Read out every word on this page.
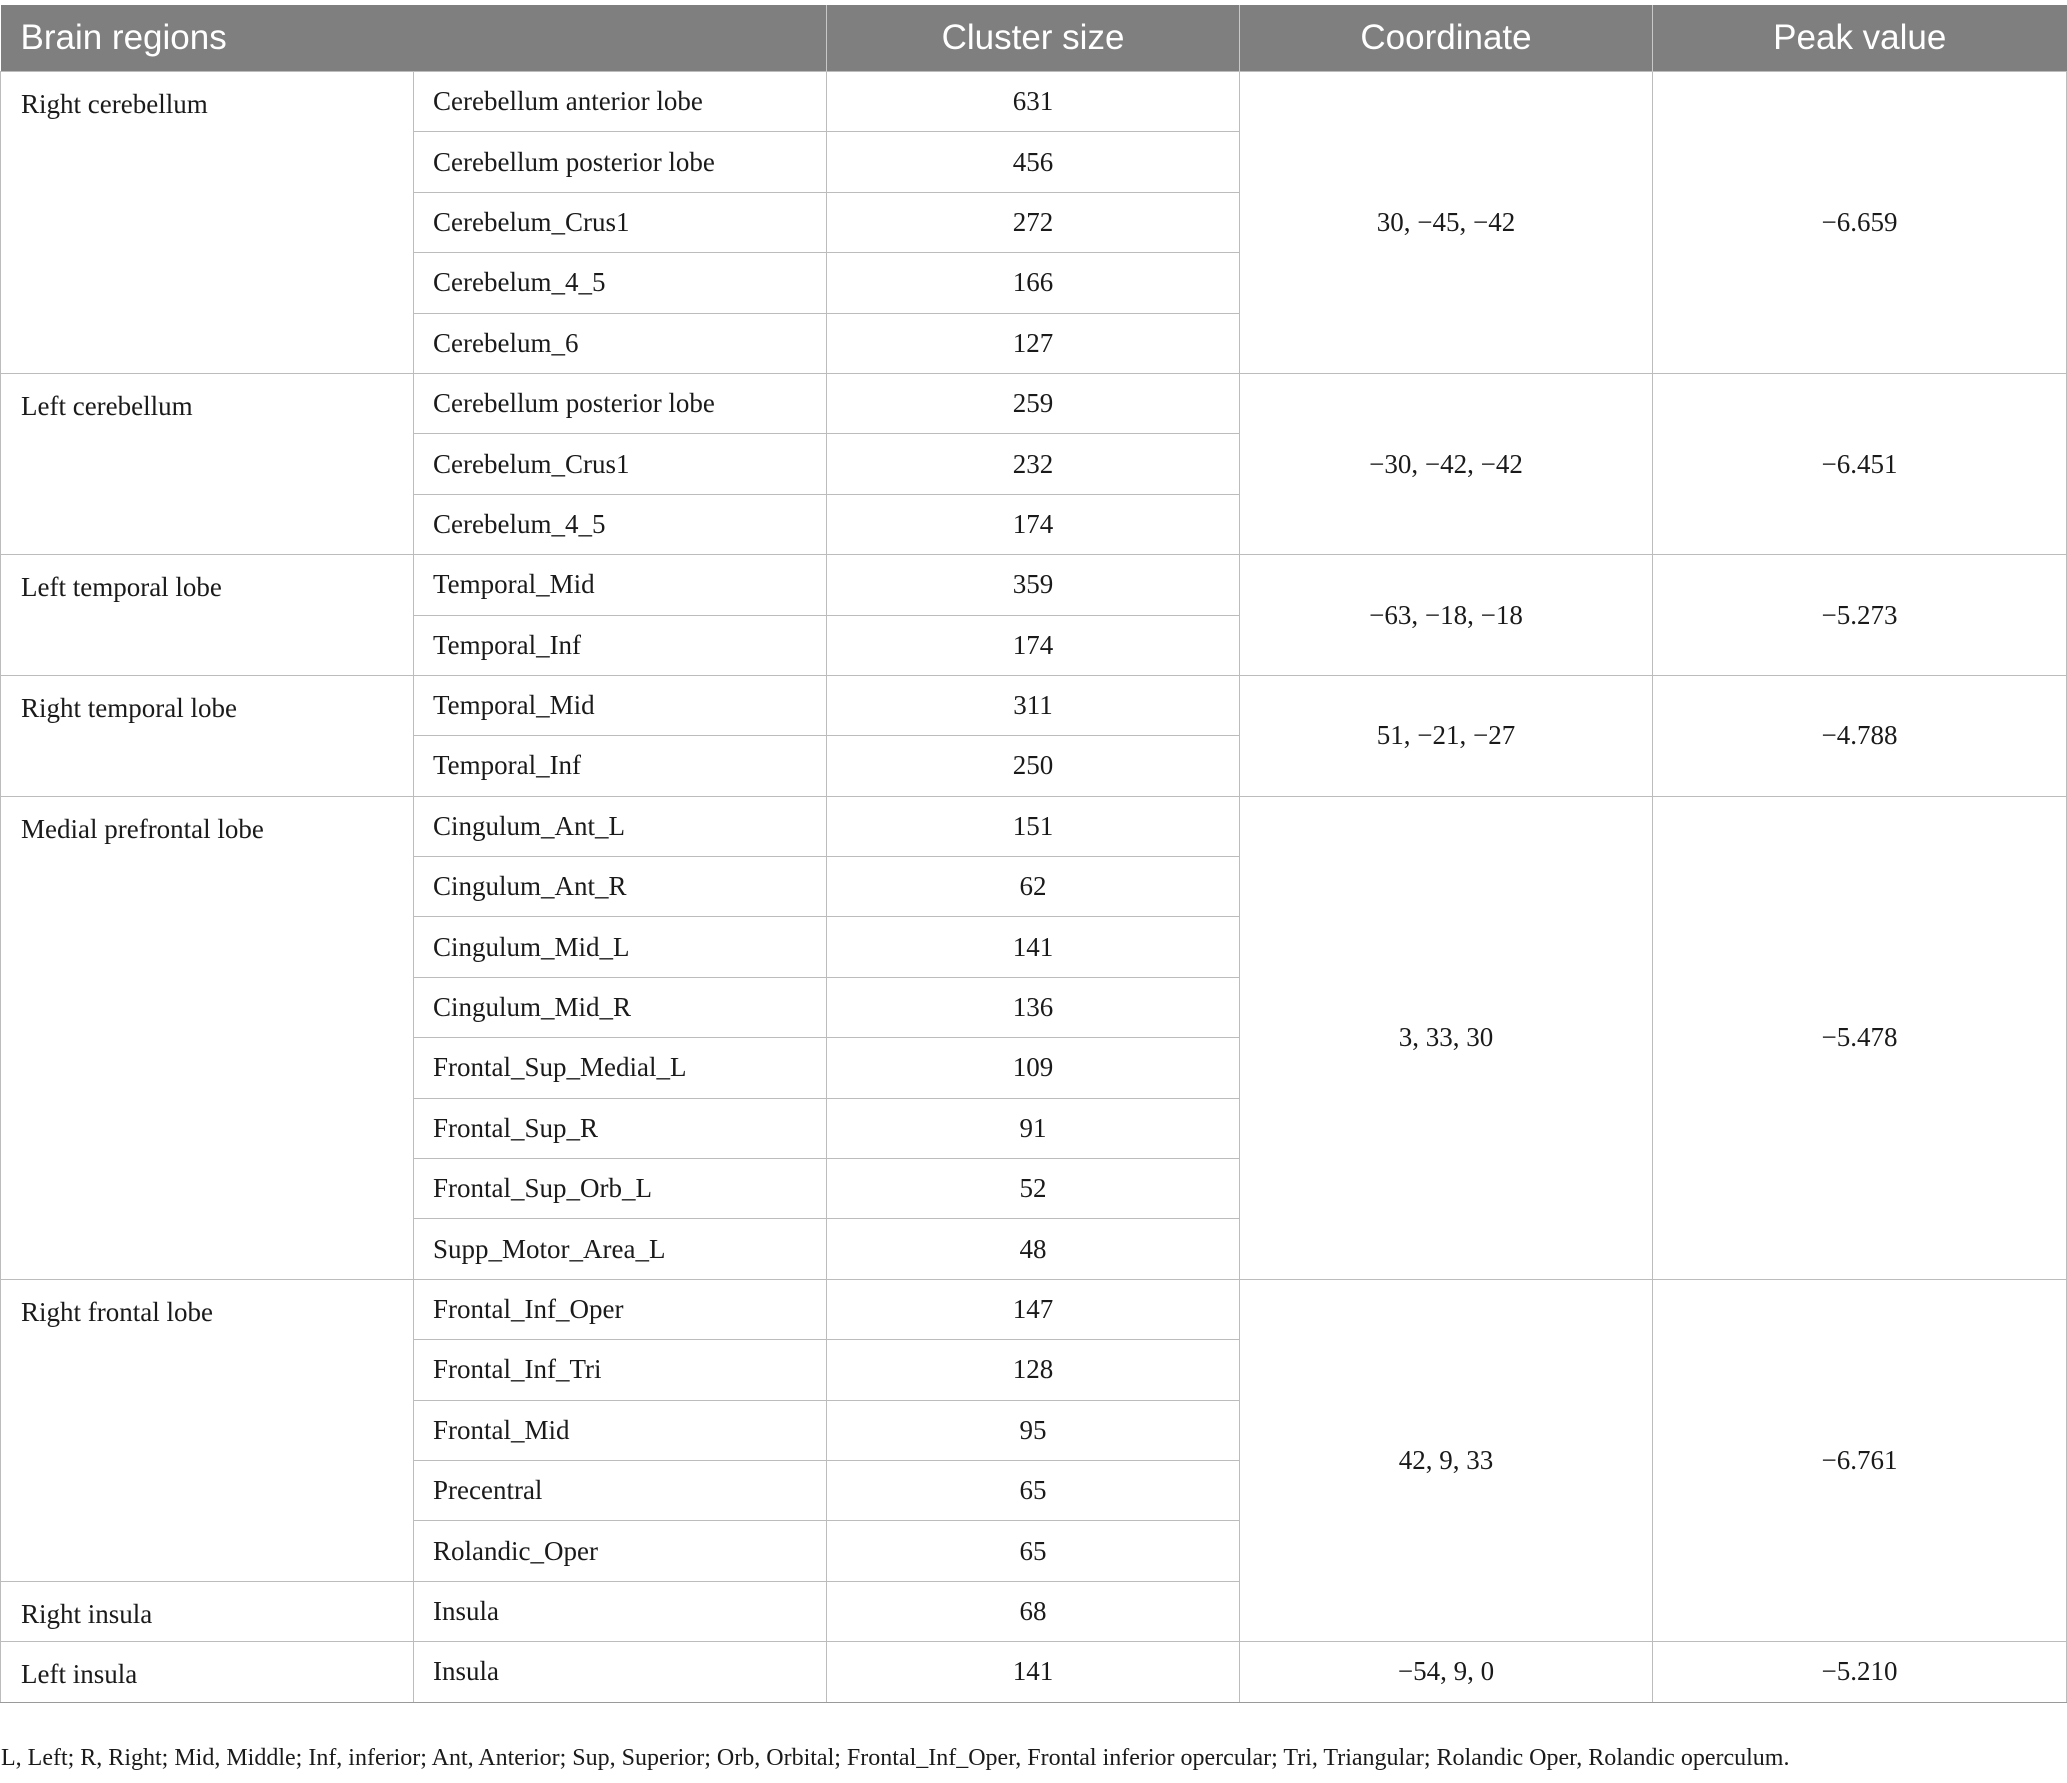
Brain regions		Cluster size	Coordinate	Peak value
Right cerebellum	Cerebellum anterior lobe	631	30, −45, −42	−6.659
	Cerebellum posterior lobe	456		
	Cerebelum_Crus1	272		
	Cerebelum_4_5	166		
	Cerebelum_6	127		
Left cerebellum	Cerebellum posterior lobe	259	−30, −42, −42	−6.451
	Cerebelum_Crus1	232		
	Cerebelum_4_5	174		
Left temporal lobe	Temporal_Mid	359	−63, −18, −18	−5.273
	Temporal_Inf	174		
Right temporal lobe	Temporal_Mid	311	51, −21, −27	−4.788
	Temporal_Inf	250		
Medial prefrontal lobe	Cingulum_Ant_L	151	3, 33, 30	−5.478
	Cingulum_Ant_R	62		
	Cingulum_Mid_L	141		
	Cingulum_Mid_R	136		
	Frontal_Sup_Medial_L	109		
	Frontal_Sup_R	91		
	Frontal_Sup_Orb_L	52		
	Supp_Motor_Area_L	48		
Right frontal lobe	Frontal_Inf_Oper	147	42, 9, 33	−6.761
	Frontal_Inf_Tri	128		
	Frontal_Mid	95		
	Precentral	65		
	Rolandic_Oper	65		
Right insula	Insula	68		
Left insula	Insula	141	−54, 9, 0	−5.210
L, Left; R, Right; Mid, Middle; Inf, inferior; Ant, Anterior; Sup, Superior; Orb, Orbital; Frontal_Inf_Oper, Frontal inferior opercular; Tri, Triangular; Rolandic Oper, Rolandic operculum.
